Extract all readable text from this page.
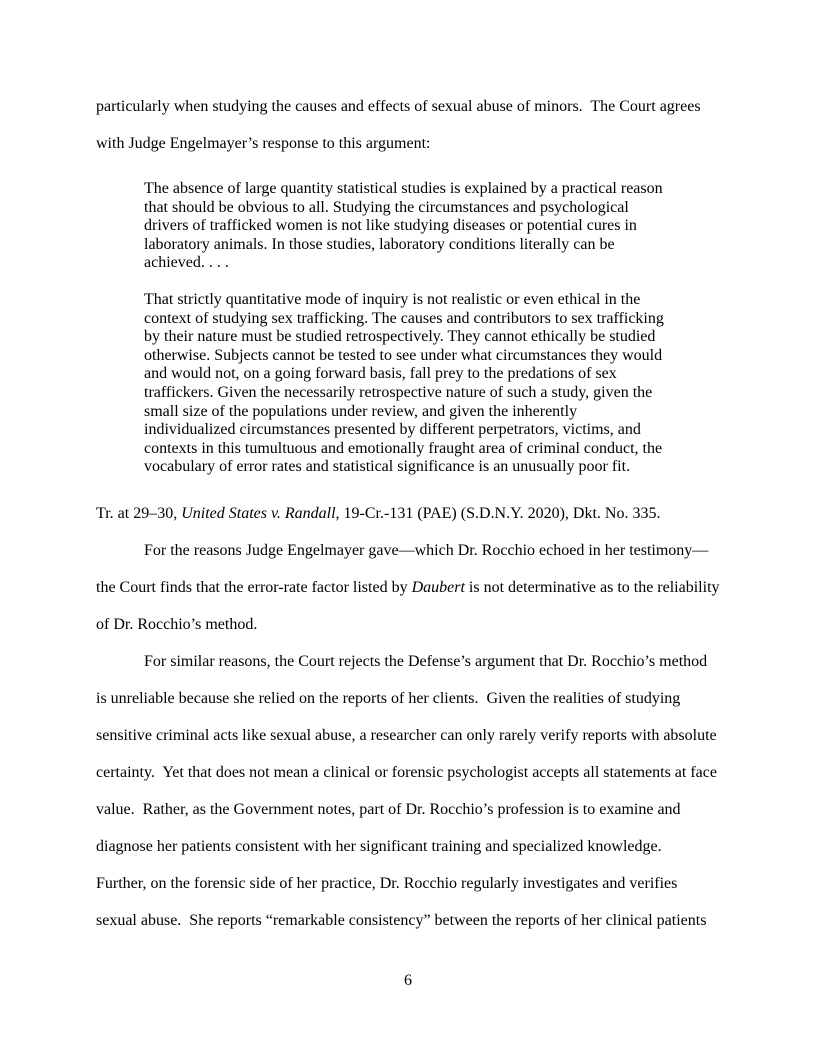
particularly when studying the causes and effects of sexual abuse of minors.  The Court agrees with Judge Engelmayer’s response to this argument:

The absence of large quantity statistical studies is explained by a practical reason that should be obvious to all. Studying the circumstances and psychological drivers of trafficked women is not like studying diseases or potential cures in laboratory animals. In those studies, laboratory conditions literally can be achieved. . . .
That strictly quantitative mode of inquiry is not realistic or even ethical in the context of studying sex trafficking. The causes and contributors to sex trafficking by their nature must be studied retrospectively. They cannot ethically be studied otherwise. Subjects cannot be tested to see under what circumstances they would and would not, on a going forward basis, fall prey to the predations of sex traffickers. Given the necessarily retrospective nature of such a study, given the small size of the populations under review, and given the inherently individualized circumstances presented by different perpetrators, victims, and contexts in this tumultuous and emotionally fraught area of criminal conduct, the vocabulary of error rates and statistical significance is an unusually poor fit.

Tr. at 29–30, United States v. Randall, 19-Cr.-131 (PAE) (S.D.N.Y. 2020), Dkt. No. 335.

For the reasons Judge Engelmayer gave—which Dr. Rocchio echoed in her testimony—the Court finds that the error-rate factor listed by Daubert is not determinative as to the reliability of Dr. Rocchio’s method.

For similar reasons, the Court rejects the Defense’s argument that Dr. Rocchio’s method is unreliable because she relied on the reports of her clients.  Given the realities of studying sensitive criminal acts like sexual abuse, a researcher can only rarely verify reports with absolute certainty.  Yet that does not mean a clinical or forensic psychologist accepts all statements at face value.  Rather, as the Government notes, part of Dr. Rocchio’s profession is to examine and diagnose her patients consistent with her significant training and specialized knowledge.  Further, on the forensic side of her practice, Dr. Rocchio regularly investigates and verifies sexual abuse.  She reports “remarkable consistency” between the reports of her clinical patients

6
